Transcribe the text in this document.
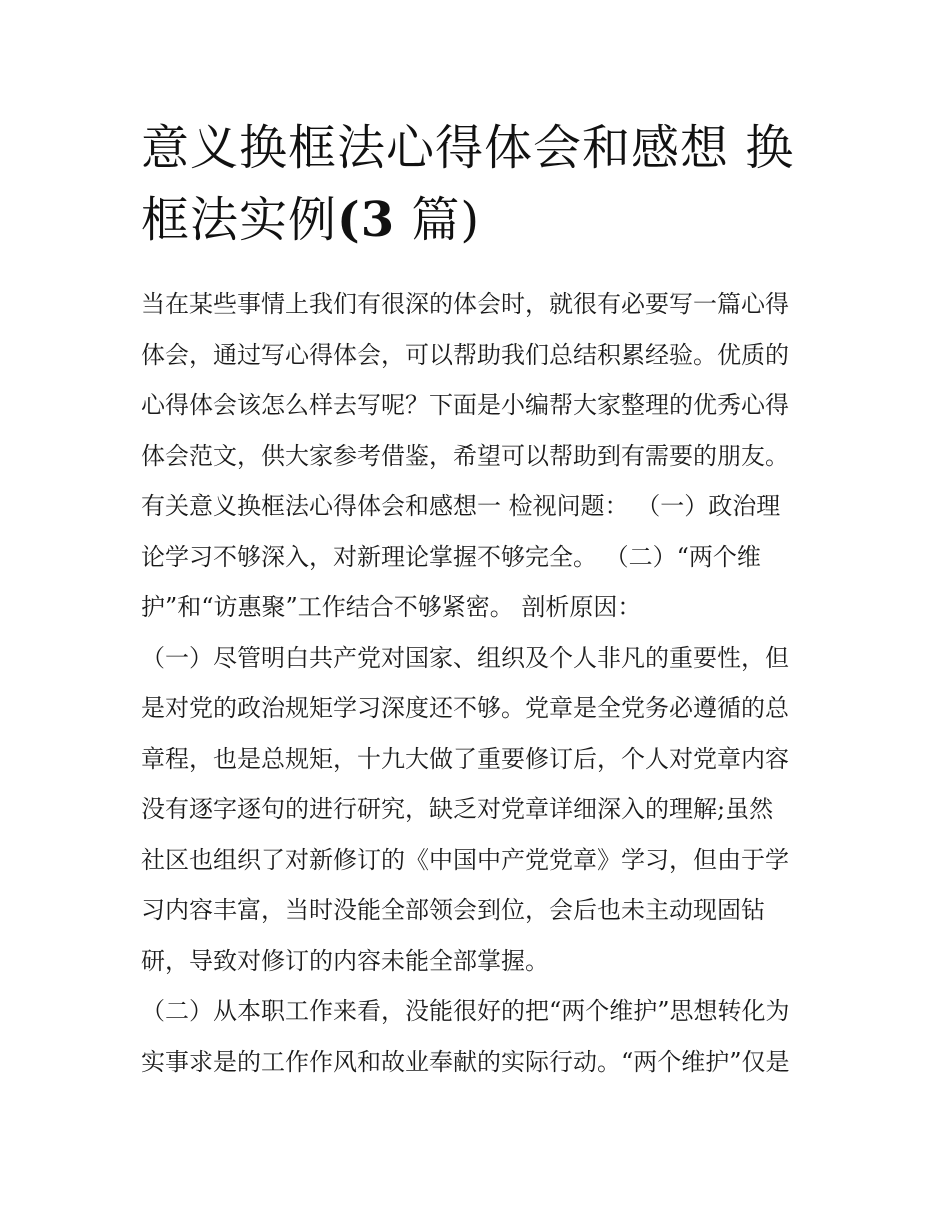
意义换框法心得体会和感想 换
框法实例(3 篇)
当在某些事情上我们有很深的体会时，就很有必要写一篇心得
体会，通过写心得体会，可以帮助我们总结积累经验。优质的
心得体会该怎么样去写呢？下面是小编帮大家整理的优秀心得
体会范文，供大家参考借鉴，希望可以帮助到有需要的朋友。
有关意义换框法心得体会和感想一 检视问题： （一）政治理
论学习不够深入，对新理论掌握不够完全。 （二）“两个维
护”和“访惠聚”工作结合不够紧密。 剖析原因：
（一）尽管明白共产党对国家、组织及个人非凡的重要性，但
是对党的政治规矩学习深度还不够。党章是全党务必遵循的总
章程，也是总规矩，十九大做了重要修订后，个人对党章内容
没有逐字逐句的进行研究，缺乏对党章详细深入的理解;虽然
社区也组织了对新修订的《中国中产党党章》学习，但由于学
习内容丰富，当时没能全部领会到位，会后也未主动现固钻
研，导致对修订的内容未能全部掌握。
（二）从本职工作来看，没能很好的把“两个维护”思想转化为
实事求是的工作作风和故业奉献的实际行动。“两个维护”仅是
